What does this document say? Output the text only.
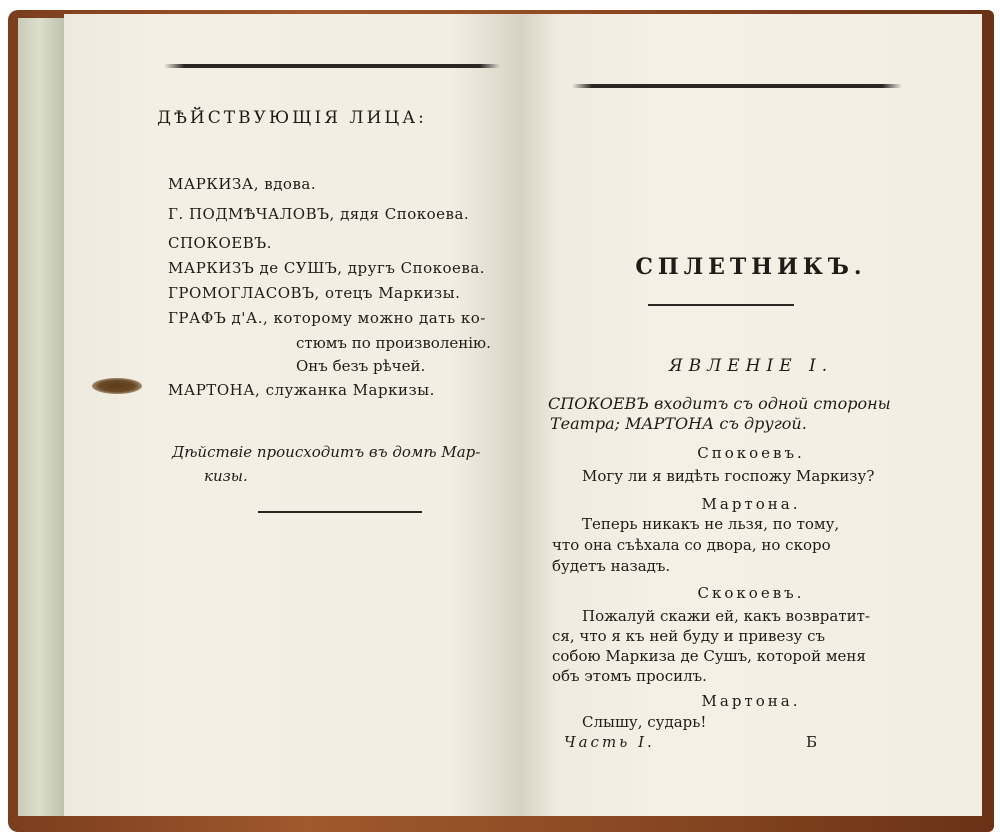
ДѢЙСТВУЮЩІЯ ЛИЦА:
МАРКИЗА, вдова.
Г. ПОДМѢЧАЛОВЪ, дядя Спокоева.
СПОКОЕВЪ.
МАРКИЗЪ де СУШЪ, другъ Спокоева.
ГРОМОГЛАСОВЪ, отецъ Маркизы.
ГРАФЪ д'А., которому можно дать ко-
стюмъ по произволенію.
Онъ безъ рѣчей.
МАРТОНА, служанка Маркизы.
Дѣйствіе происходитъ въ домѣ Мар-
кизы.
СПЛЕТНИКЪ.
ЯВЛЕНІЕ I.
СПОКОЕВЪ входитъ съ одной стороны
Театра; МАРТОНА съ другой.
Спокоевъ.
Могу ли я видѣть госпожу Маркизу?
Мартона.
Теперь никакъ не льзя, по тому,
что она съѣхала со двора, но скоро
будетъ назадъ.
Скокоевъ.
Пожалуй скажи ей, какъ возвратит-
ся, что я къ ней буду и привезу съ
собою Маркиза де Сушъ, которой меня
объ этомъ просилъ.
Мартона.
Слышу, сударь!
Часть I.	Б
